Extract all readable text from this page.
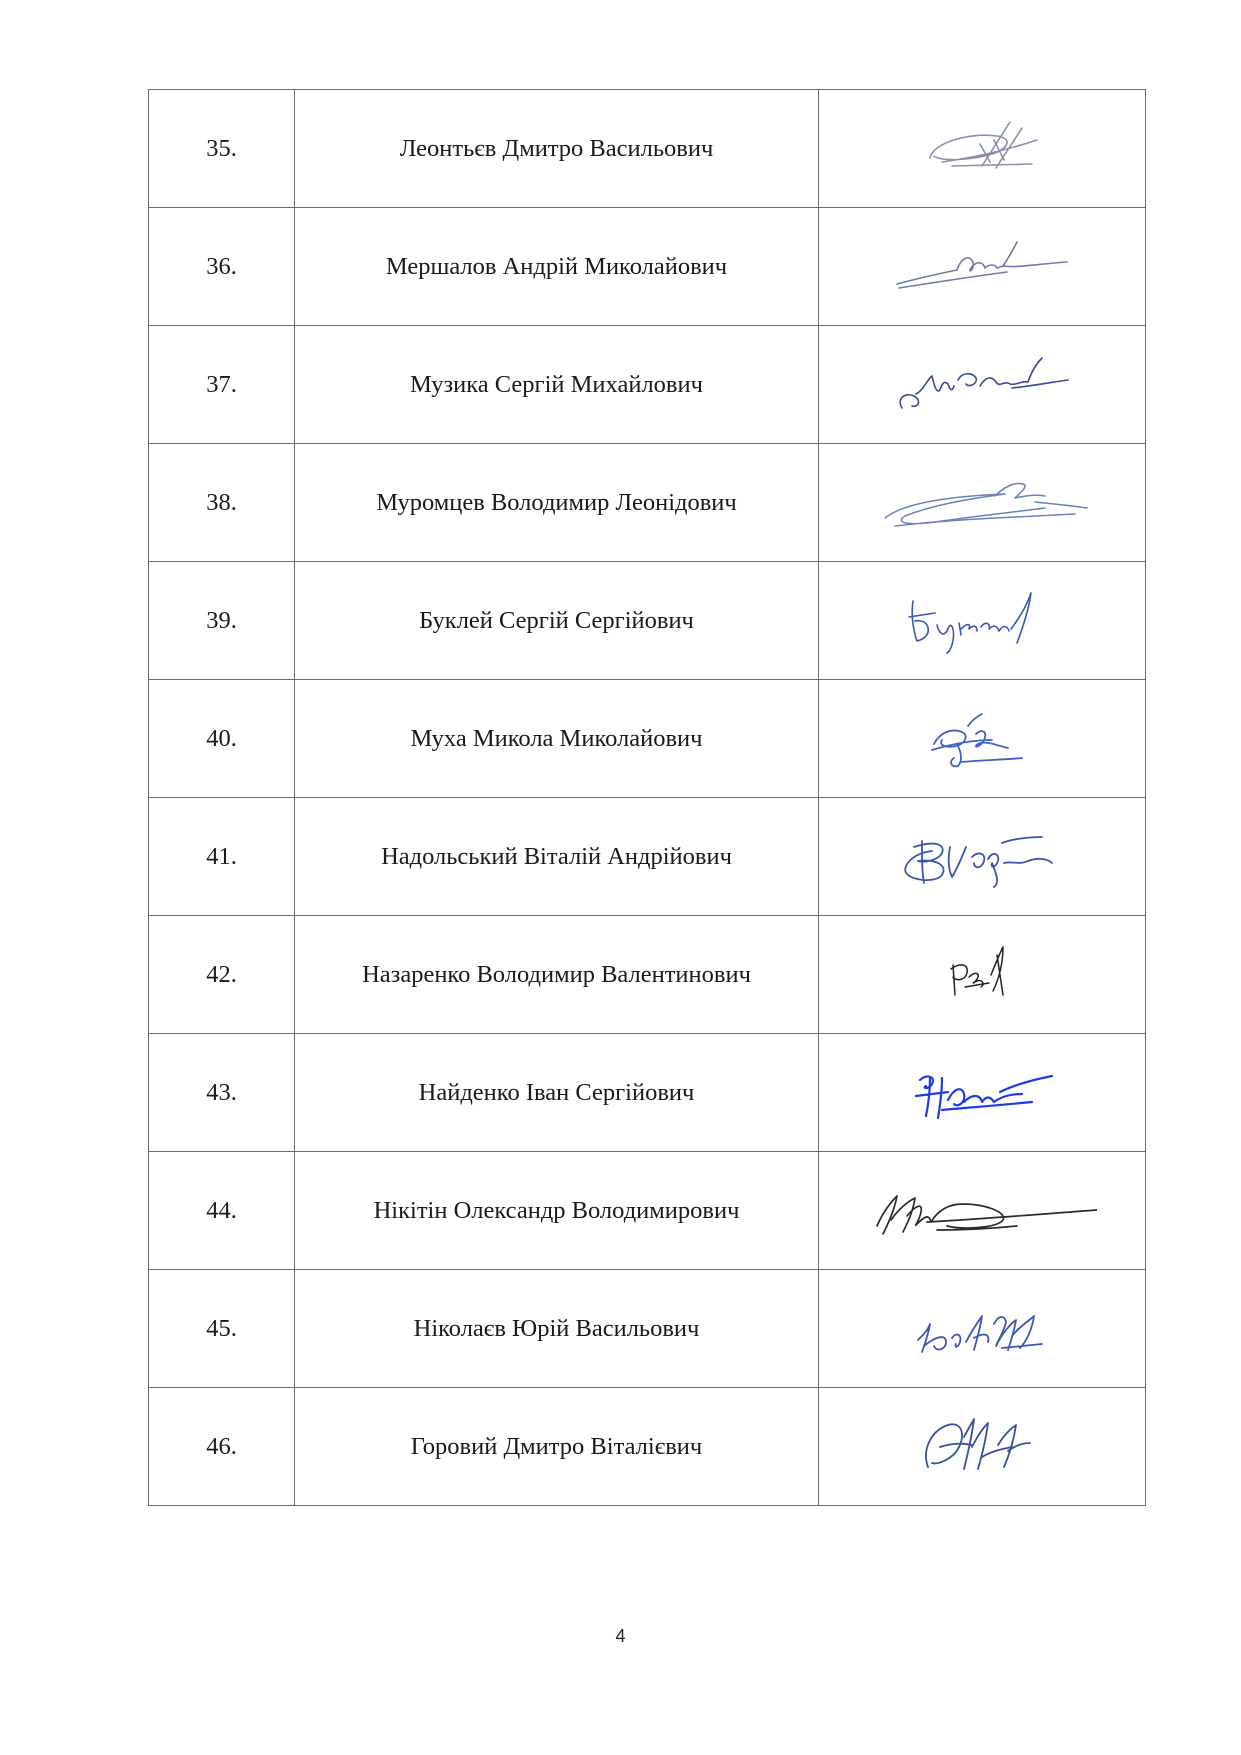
35.	Леонтьєв Дмитро Васильович	

36.	Мершалов Андрій Миколайович	

37.	Музика Сергій Михайлович	

38.	Муромцев Володимир Леонідович	

39.	Буклей Сергій Сергійович	

40.	Муха Микола Миколайович	

41.	Надольський Віталій Андрійович	

42.	Назаренко Володимир Валентинович	

43.	Найденко Іван Сергійович	

44.	Нікітін Олександр Володимирович	

45.	Ніколаєв Юрій Васильович	

46.	Горовий Дмитро Віталієвич	
4
